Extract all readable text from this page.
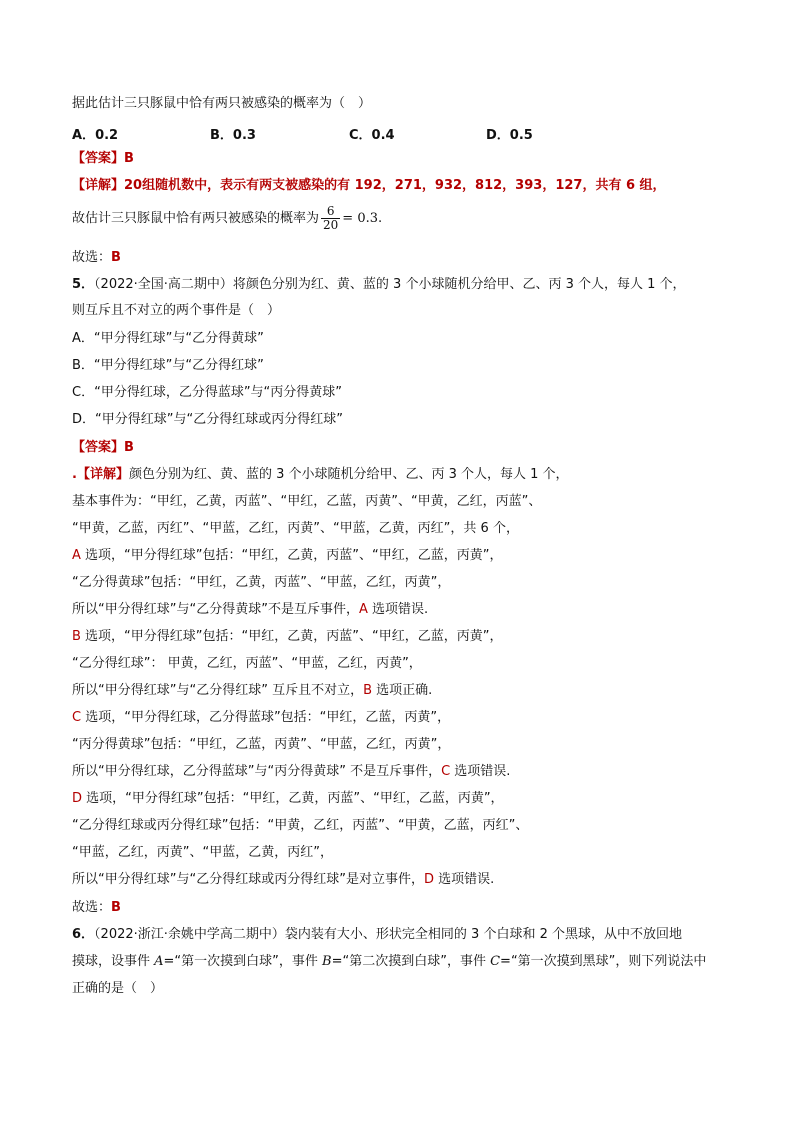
据此估计三只豚鼠中恰有两只被感染的概率为（　）
A．0.2	B．0.3	C．0.4	D．0.5
【答案】B
【详解】20组随机数中，表示有两支被感染的有 192，271，932，812，393，127，共有 6 组，
故估计三只豚鼠中恰有两只被感染的概率为 $\frac{6}{20} = 0.3$.
故选：B
5．（2022·全国·高二期中）将颜色分别为红、黄、蓝的 3 个小球随机分给甲、乙、丙 3 个人，每人 1 个，
则互斥且不对立的两个事件是（　）
A．“甲分得红球”与“乙分得黄球”
B．“甲分得红球”与“乙分得红球”
C．“甲分得红球，乙分得蓝球”与“丙分得黄球”
D．“甲分得红球”与“乙分得红球或丙分得红球”
【答案】B
.【详解】颜色分别为红、黄、蓝的 3 个小球随机分给甲、乙、丙 3 个人，每人 1 个，
基本事件为：“甲红，乙黄，丙蓝”、“甲红，乙蓝，丙黄”、“甲黄，乙红，丙蓝”、
“甲黄，乙蓝，丙红”、“甲蓝，乙红，丙黄”、“甲蓝，乙黄，丙红”，共 6 个，
A 选项，“甲分得红球”包括：“甲红，乙黄，丙蓝”、“甲红，乙蓝，丙黄”，
“乙分得黄球”包括：“甲红，乙黄，丙蓝”、“甲蓝，乙红，丙黄”，
所以“甲分得红球”与“乙分得黄球”不是互斥事件，A 选项错误.
B 选项，“甲分得红球”包括：“甲红，乙黄，丙蓝”、“甲红，乙蓝，丙黄”，
“乙分得红球”： 甲黄，乙红，丙蓝”、“甲蓝，乙红，丙黄”，
所以“甲分得红球”与“乙分得红球” 互斥且不对立，B 选项正确.
C 选项，“甲分得红球，乙分得蓝球”包括：“甲红，乙蓝，丙黄”，
“丙分得黄球”包括：“甲红，乙蓝，丙黄”、“甲蓝，乙红，丙黄”，
所以“甲分得红球，乙分得蓝球”与“丙分得黄球” 不是互斥事件，C 选项错误.
D 选项，“甲分得红球”包括：“甲红，乙黄，丙蓝”、“甲红，乙蓝，丙黄”，
“乙分得红球或丙分得红球”包括：“甲黄，乙红，丙蓝”、“甲黄，乙蓝，丙红”、
“甲蓝，乙红，丙黄”、“甲蓝，乙黄，丙红”，
所以“甲分得红球”与“乙分得红球或丙分得红球”是对立事件，D 选项错误.
故选：B
6．（2022·浙江·余姚中学高二期中）袋内装有大小、形状完全相同的 3 个白球和 2 个黑球，从中不放回地
摸球，设事件 A=“第一次摸到白球”，事件 B=“第二次摸到白球”，事件 C=“第一次摸到黑球”，则下列说法中
正确的是（　）
